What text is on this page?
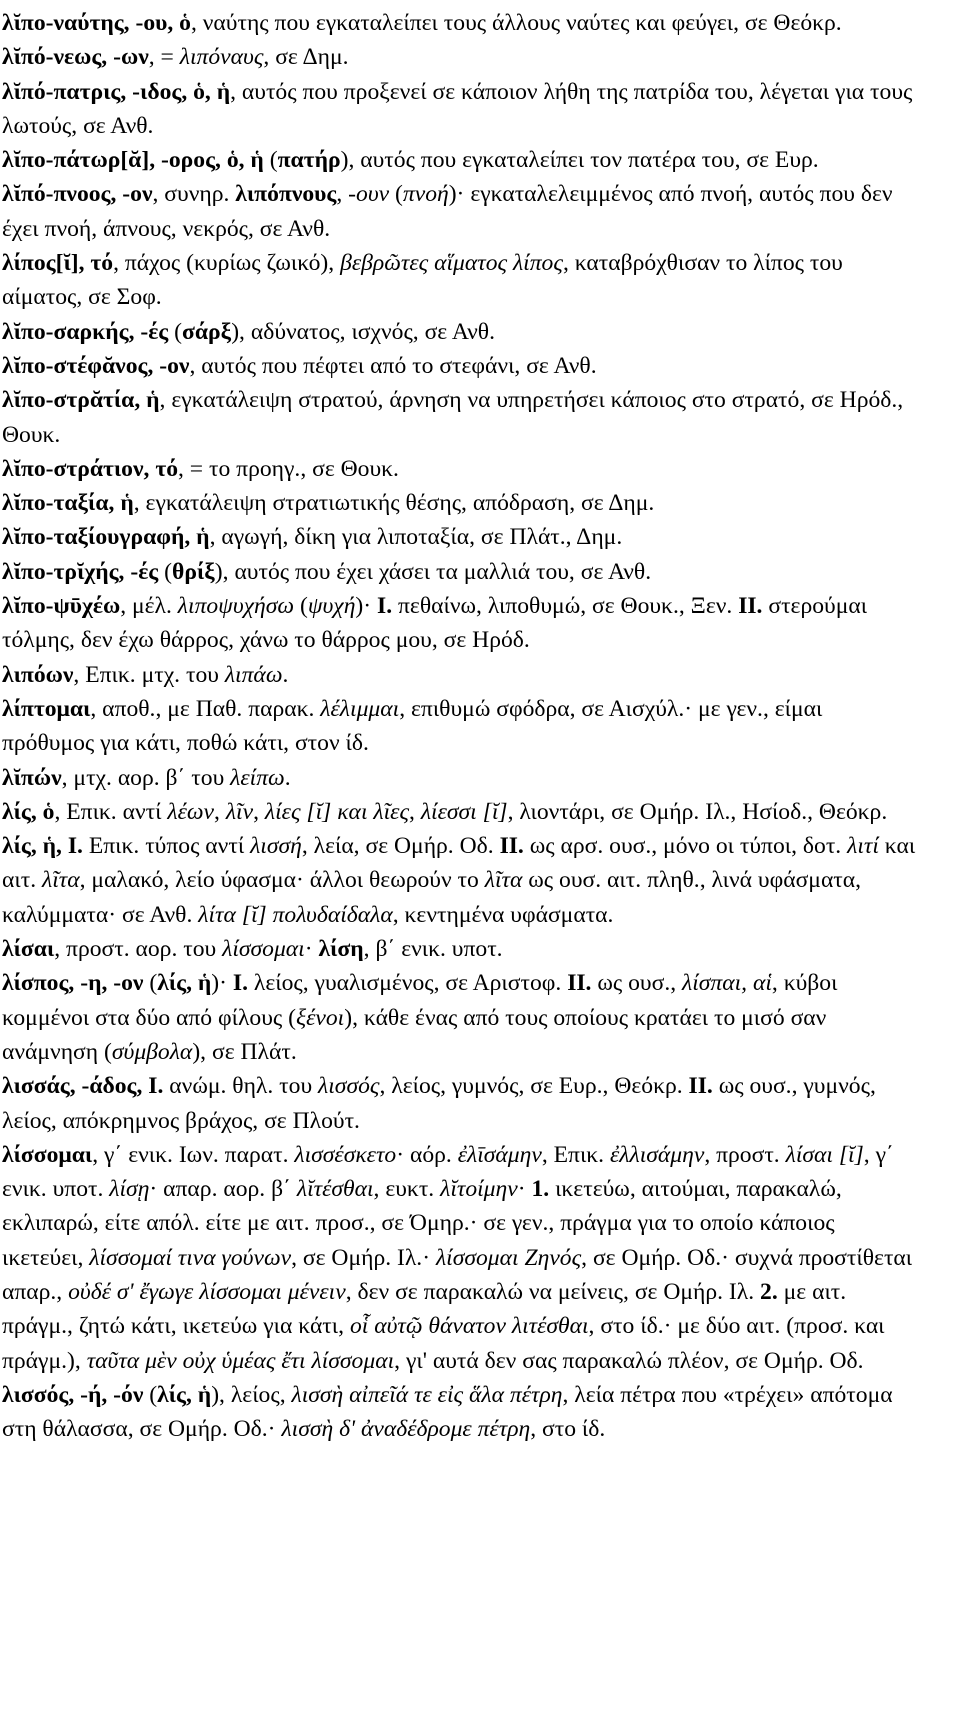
λῐπο-ναύτης, -ου, ὁ, ναύτης που εγκαταλείπει τους άλλους ναύτες και φεύγει, σε Θεόκρ.

λῐπό-νεως, -ων, = λιπόναυς, σε Δημ.

λῐπό-πατρις, -ιδος, ὁ, ἡ, αυτός που προξενεί σε κάποιον λήθη της πατρίδα του, λέγεται για τους λωτούς, σε Ανθ.

λῐπο-πάτωρ[ᾰ], -ορος, ὁ, ἡ (πατήρ), αυτός που εγκαταλείπει τον πατέρα του, σε Ευρ.

λῐπό-πνοος, -ον, συνηρ. λιπόπνους, -ουν (πνοή)· εγκαταλελειμμένος από πνοή, αυτός που δεν έχει πνοή, άπνους, νεκρός, σε Ανθ.

λίπος[ῐ], τό, πάχος (κυρίως ζωικό), βεβρῶτες αἵματος λίπος, καταβρόχθισαν το λίπος του αίματος, σε Σοφ.

λῐπο-σαρκής, -ές (σάρξ), αδύνατος, ισχνός, σε Ανθ.

λῐπο-στέφᾰνος, -ον, αυτός που πέφτει από το στεφάνι, σε Ανθ.

λῐπο-στρᾰτία, ἡ, εγκατάλειψη στρατού, άρνηση να υπηρετήσει κάποιος στο στρατό, σε Ηρόδ., Θουκ.

λῐπο-στράτιον, τό, = το προηγ., σε Θουκ.

λῐπο-ταξία, ἡ, εγκατάλειψη στρατιωτικής θέσης, απόδραση, σε Δημ.

λῐπο-ταξίουγραφή, ἡ, αγωγή, δίκη για λιποταξία, σε Πλάτ., Δημ.

λῐπο-τρῐχής, -ές (θρίξ), αυτός που έχει χάσει τα μαλλιά του, σε Ανθ.

λῐπο-ψῡχέω, μέλ. λιποψυχήσω (ψυχή)· I. πεθαίνω, λιποθυμώ, σε Θουκ., Ξεν. II. στερούμαι τόλμης, δεν έχω θάρρος, χάνω το θάρρος μου, σε Ηρόδ.

λιπόων, Επικ. μτχ. του λιπάω.

λίπτομαι, αποθ., με Παθ. παρακ. λέλιμμαι, επιθυμώ σφόδρα, σε Αισχύλ.· με γεν., είμαι πρόθυμος για κάτι, ποθώ κάτι, στον ίδ.

λῐπών, μτχ. αορ. β΄ του λείπω.

λίς, ὁ, Επικ. αντί λέων, λῖν, λίες [ῐ] και λῖες, λίεσσι [ῐ], λιοντάρι, σε Ομήρ. Ιλ., Ησίοδ., Θεόκρ.

λίς, ἡ, I. Επικ. τύπος αντί λισσή, λεία, σε Ομήρ. Οδ. II. ως αρσ. ουσ., μόνο οι τύποι, δοτ. λιτί και αιτ. λῖτα, μαλακό, λείο ύφασμα· άλλοι θεωρούν το λῖτα ως ουσ. αιτ. πληθ., λινά υφάσματα, καλύμματα· σε Ανθ. λίτα [ῐ] πολυδαίδαλα, κεντημένα υφάσματα.

λίσαι, προστ. αορ. του λίσσομαι· λίση, β΄ ενικ. υποτ.

λίσπος, -η, -ον (λίς, ἡ)· I. λείος, γυαλισμένος, σε Αριστοφ. II. ως ουσ., λίσπαι, αἱ, κύβοι κομμένοι στα δύο από φίλους (ξένοι), κάθε ένας από τους οποίους κρατάει το μισό σαν ανάμνηση (σύμβολα), σε Πλάτ.

λισσάς, -άδος, I. ανώμ. θηλ. του λισσός, λείος, γυμνός, σε Ευρ., Θεόκρ. II. ως ουσ., γυμνός, λείος, απόκρημνος βράχος, σε Πλούτ.

λίσσομαι, γ΄ ενικ. Ιων. παρατ. λισσέσκετο· αόρ. ἐλῑσάμην, Επικ. ἐλλισάμην, προστ. λίσαι [ῐ], γ΄ ενικ. υποτ. λίσῃ· απαρ. αορ. β΄ λῐτέσθαι, ευκτ. λῐτοίμην· 1. ικετεύω, αιτούμαι, παρακαλώ, εκλιπαρώ, είτε απόλ. είτε με αιτ. προσ., σε Όμηρ.· σε γεν., πράγμα για το οποίο κάποιος ικετεύει, λίσσομαί τινα γούνων, σε Ομήρ. Ιλ.· λίσσομαι Ζηνός, σε Ομήρ. Οδ.· συχνά προστίθεται απαρ., οὐδέ σ' ἔγωγε λίσσομαι μένειν, δεν σε παρακαλώ να μείνεις, σε Ομήρ. Ιλ. 2. με αιτ. πράγμ., ζητώ κάτι, ικετεύω για κάτι, οἷ αὐτῷ θάνατον λιτέσθαι, στο ίδ.· με δύο αιτ. (προσ. και πράγμ.), ταῦτα μὲν οὐχ ὑμέας ἔτι λίσσομαι, γι' αυτά δεν σας παρακαλώ πλέον, σε Ομήρ. Οδ.

λισσός, -ή, -όν (λίς, ἡ), λείος, λισσὴ αἰπεῖά τε εἰς ἅλα πέτρη, λεία πέτρα που «τρέχει» απότομα στη θάλασσα, σε Ομήρ. Οδ.· λισσὴ δ' ἀναδέδρομε πέτρη, στο ίδ.
